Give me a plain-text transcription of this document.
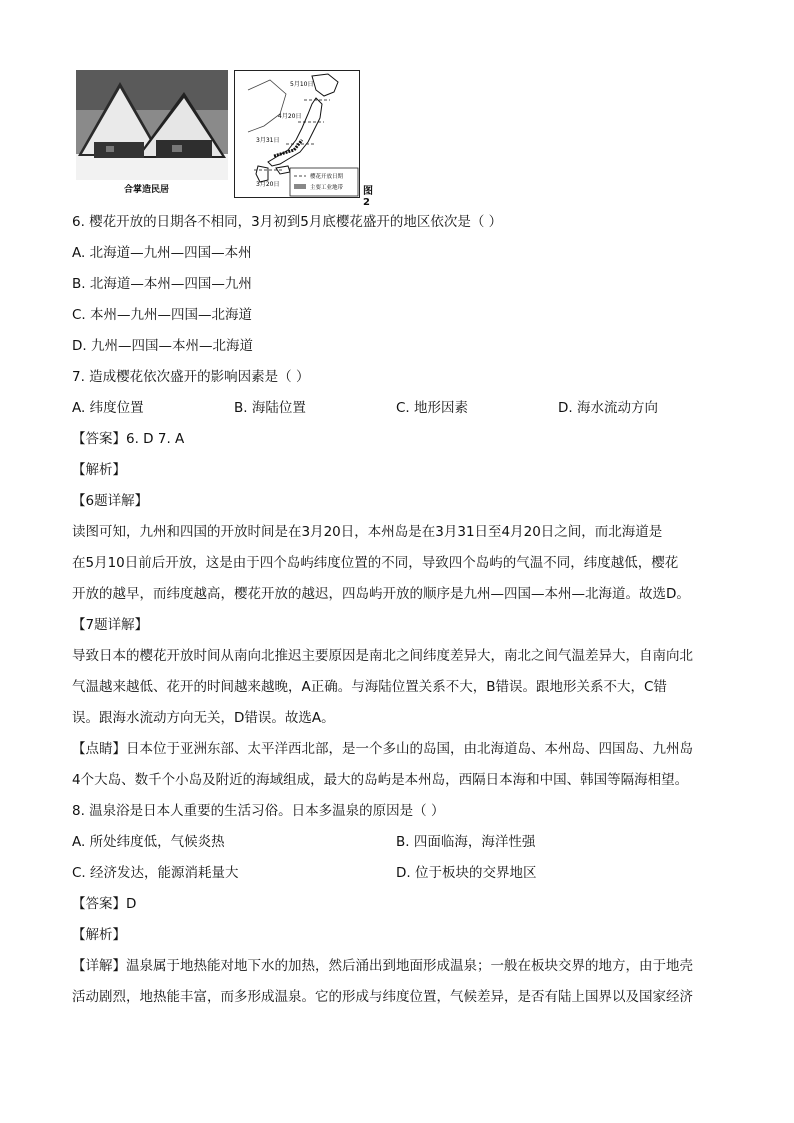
合掌造民居
5月10日
4月20日
3月31日
3月20日
樱花开放日期
主要工业地带 图2
6. 樱花开放的日期各不相同，3月初到5月底樱花盛开的地区依次是（ ）
A. 北海道—九州—四国—本州
B. 北海道—本州—四国—九州
C. 本州—九州—四国—北海道
D. 九州—四国—本州—北海道
7. 造成樱花依次盛开的影响因素是（ ）
A. 纬度位置	B. 海陆位置	C. 地形因素	D. 海水流动方向
【答案】6. D 7. A
【解析】
【6题详解】
读图可知，九州和四国的开放时间是在3月20日，本州岛是在3月31日至4月20日之间，而北海道是
在5月10日前后开放，这是由于四个岛屿纬度位置的不同，导致四个岛屿的气温不同，纬度越低，樱花
开放的越早，而纬度越高，樱花开放的越迟，四岛屿开放的顺序是九州—四国—本州—北海道。故选D。
【7题详解】
导致日本的樱花开放时间从南向北推迟主要原因是南北之间纬度差异大，南北之间气温差异大，自南向北
气温越来越低、花开的时间越来越晚，A正确。与海陆位置关系不大，B错误。跟地形关系不大，C错
误。跟海水流动方向无关，D错误。故选A。
【点睛】日本位于亚洲东部、太平洋西北部，是一个多山的岛国，由北海道岛、本州岛、四国岛、九州岛
4个大岛、数千个小岛及附近的海域组成，最大的岛屿是本州岛，西隔日本海和中国、韩国等隔海相望。
8. 温泉浴是日本人重要的生活习俗。日本多温泉的原因是（ ）
A. 所处纬度低，气候炎热	B. 四面临海，海洋性强
C. 经济发达，能源消耗量大	D. 位于板块的交界地区
【答案】D
【解析】
【详解】温泉属于地热能对地下水的加热，然后涌出到地面形成温泉；一般在板块交界的地方，由于地壳
活动剧烈，地热能丰富，而多形成温泉。它的形成与纬度位置，气候差异，是否有陆上国界以及国家经济
